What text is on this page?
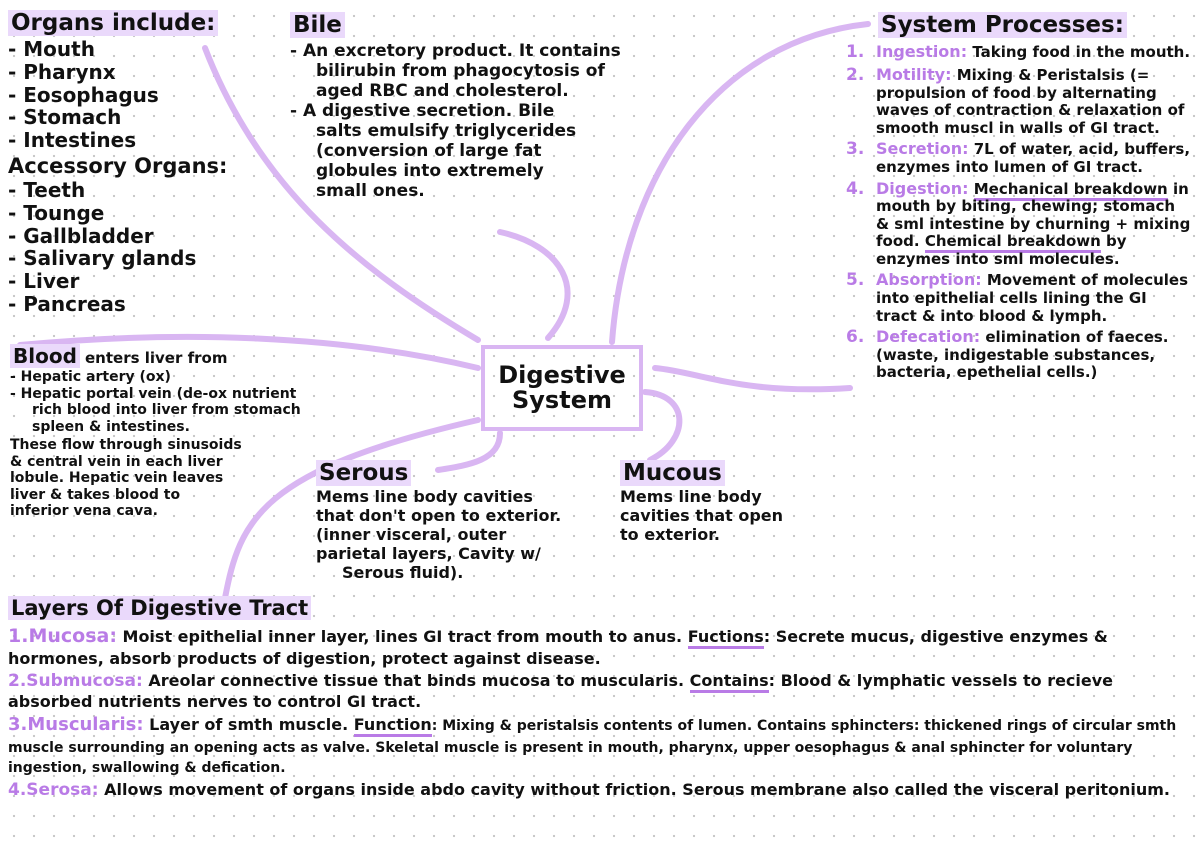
Digestive
System
Organs include:
- Mouth
- Pharynx
- Eosophagus
- Stomach
- Intestines
Accessory Organs:
- Teeth
- Tounge
- Gallbladder
- Salivary glands
- Liver
- Pancreas
Bile
- An excretory product. It contains
bilirubin from phagocytosis of
aged RBC and cholesterol.
- A digestive secretion. Bile
salts emulsify triglycerides
(conversion of large fat
globules into extremely
small ones.
Blood enters liver from
- Hepatic artery (ox)
- Hepatic portal vein (de-ox nutrient
rich blood into liver from stomach
spleen & intestines.
These flow through sinusoids
& central vein in each liver
lobule. Hepatic vein leaves
liver & takes blood to
inferior vena cava.
Serous
Mems line body cavities
that don't open to exterior.
(inner visceral, outer
parietal layers, Cavity w/
Serous fluid).
Mucous
Mems line body
cavities that open
to exterior.
System Processes:
1. Ingestion: Taking food in the mouth.
2. Motility: Mixing & Peristalsis (= propulsion of food by alternating waves of contraction & relaxation of smooth muscl in walls of GI tract.
3. Secretion: 7L of water, acid, buffers, enzymes into lumen of GI tract.
4. Digestion: Mechanical breakdown in mouth by biting, chewing; stomach & sml intestine by churning + mixing food. Chemical breakdown by enzymes into sml molecules.
5. Absorption: Movement of molecules into epithelial cells lining the GI tract & into blood & lymph.
6. Defecation: elimination of faeces. (waste, indigestable substances, bacteria, epethelial cells.)
Layers Of Digestive Tract
1.Mucosa: Moist epithelial inner layer, lines GI tract from mouth to anus. Fuctions: Secrete mucus, digestive enzymes & hormones, absorb products of digestion, protect against disease.
2.Submucosa: Areolar connective tissue that binds mucosa to muscularis. Contains: Blood & lymphatic vessels to recieve absorbed nutrients nerves to control GI tract.
3.Muscularis: Layer of smth muscle. Function: Mixing & peristalsis contents of lumen. Contains sphincters: thickened rings of circular smth muscle surrounding an opening acts as valve. Skeletal muscle is present in mouth, pharynx, upper oesophagus & anal sphincter for voluntary ingestion, swallowing & defication.
4.Serosa: Allows movement of organs inside abdo cavity without friction. Serous membrane also called the visceral peritonium.
